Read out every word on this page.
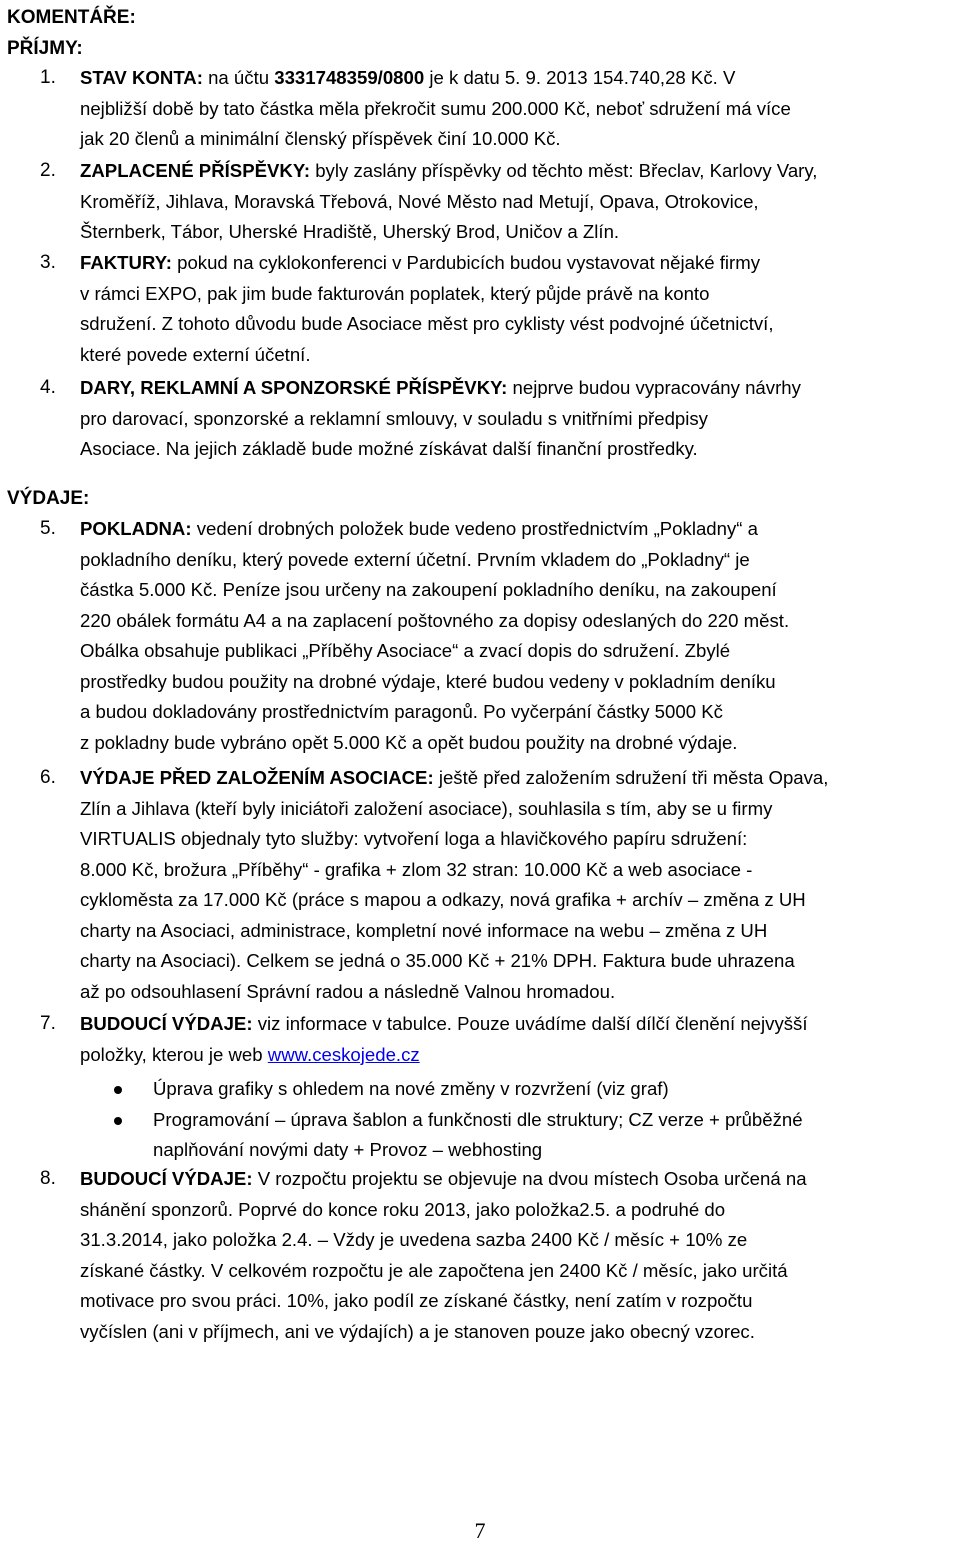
KOMENTÁŘE:
PŘÍJMY:
VÝDAJE:
7
1. STAV KONTA: na účtu 3331748359/0800 je k datu 5. 9. 2013 154.740,28 Kč. V
nejbližší době by tato částka měla překročit sumu 200.000 Kč, neboť sdružení má více
jak 20 členů a minimální členský příspěvek činí 10.000 Kč.
2. ZAPLACENÉ PŘÍSPĚVKY: byly zaslány příspěvky od těchto měst: Břeclav, Karlovy Vary,
Kroměříž, Jihlava, Moravská Třebová, Nové Město nad Metují, Opava, Otrokovice,
Šternberk, Tábor, Uherské Hradiště, Uherský Brod, Uničov a Zlín.
3. FAKTURY: pokud na cyklokonferenci v Pardubicích budou vystavovat nějaké firmy
v rámci EXPO, pak jim bude fakturován poplatek, který půjde právě na konto
sdružení. Z tohoto důvodu bude Asociace měst pro cyklisty vést podvojné účetnictví,
které povede externí účetní.
4. DARY, REKLAMNÍ A SPONZORSKÉ PŘÍSPĚVKY: nejprve budou vypracovány návrhy
pro darovací, sponzorské a reklamní smlouvy, v souladu s vnitřními předpisy
Asociace. Na jejich základě bude možné získávat další finanční prostředky.
5. POKLADNA: vedení drobných položek bude vedeno prostřednictvím „Pokladny“ a
pokladního deníku, který povede externí účetní. Prvním vkladem do „Pokladny“ je
částka 5.000 Kč. Peníze jsou určeny na zakoupení pokladního deníku, na zakoupení
220 obálek formátu A4 a na zaplacení poštovného za dopisy odeslaných do 220 měst.
Obálka obsahuje publikaci „Příběhy Asociace“ a zvací dopis do sdružení. Zbylé
prostředky budou použity na drobné výdaje, které budou vedeny v pokladním deníku
a budou dokladovány prostřednictvím paragonů. Po vyčerpání částky 5000 Kč
z pokladny bude vybráno opět 5.000 Kč a opět budou použity na drobné výdaje.
6. VÝDAJE PŘED ZALOŽENÍM ASOCIACE: ještě před založením sdružení tři města Opava,
Zlín a Jihlava (kteří byly iniciátoři založení asociace), souhlasila s tím, aby se u firmy
VIRTUALIS objednaly tyto služby: vytvoření loga a hlavičkového papíru sdružení:
8.000 Kč, brožura „Příběhy“ - grafika + zlom 32 stran: 10.000 Kč a web asociace -
cykloměsta za 17.000 Kč (práce s mapou a odkazy, nová grafika + archív – změna z UH
charty na Asociaci, administrace, kompletní nové informace na webu – změna z UH
charty na Asociaci). Celkem se jedná o 35.000 Kč + 21% DPH. Faktura bude uhrazena
až po odsouhlasení Správní radou a následně Valnou hromadou.
7. BUDOUCÍ VÝDAJE: viz informace v tabulce. Pouze uvádíme další dílčí členění nejvyšší
položky, kterou je web www.ceskojede.cz
Úprava grafiky s ohledem na nové změny v rozvržení (viz graf)
Programování – úprava šablon a funkčnosti dle struktury; CZ verze + průběžné
naplňování novými daty + Provoz – webhosting
8. BUDOUCÍ VÝDAJE: V rozpočtu projektu se objevuje na dvou místech Osoba určená na
shánění sponzorů. Poprvé do konce roku 2013, jako položka2.5. a podruhé do
31.3.2014, jako položka 2.4. – Vždy je uvedena sazba 2400 Kč / měsíc + 10% ze
získané částky. V celkovém rozpočtu je ale započtena jen 2400 Kč / měsíc, jako určitá
motivace pro svou práci. 10%, jako podíl ze získané částky, není zatím v rozpočtu
vyčíslen (ani v příjmech, ani ve výdajích) a je stanoven pouze jako obecný vzorec.
